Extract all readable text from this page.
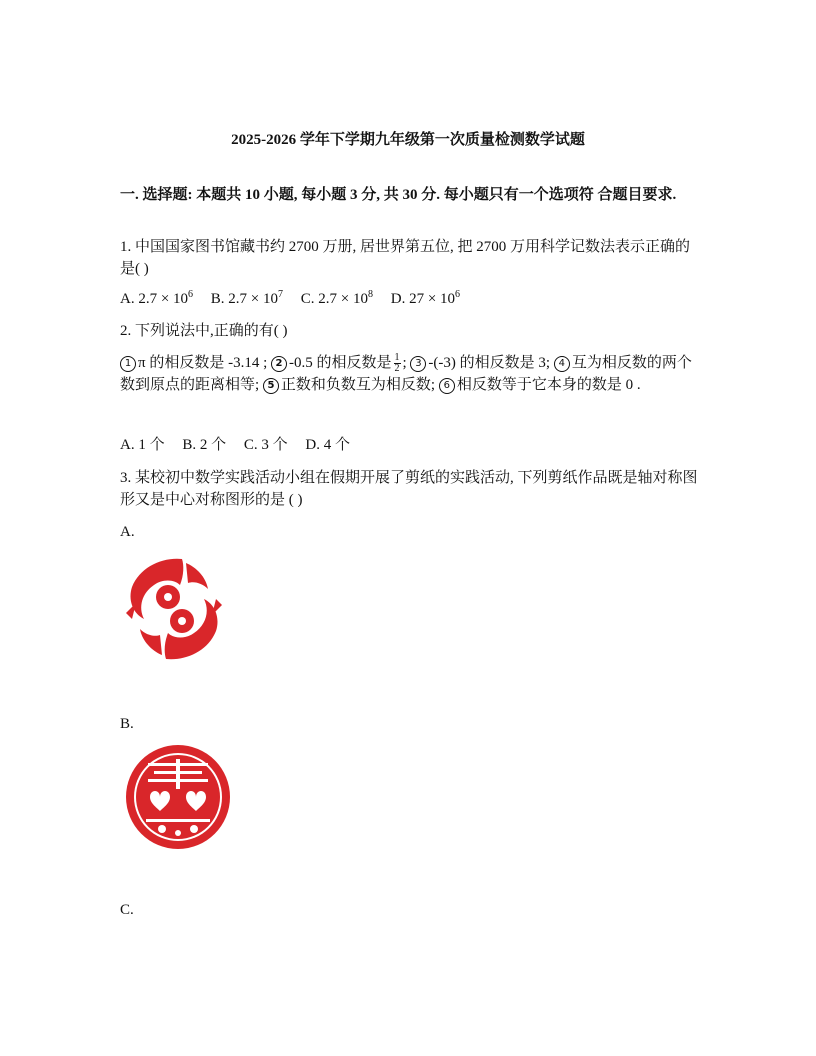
2025-2026 学年下学期九年级第一次质量检测数学试题
一. 选择题: 本题共 10 小题, 每小题 3 分, 共 30 分. 每小题只有一个选项符 合题目要求.
1. 中国国家图书馆藏书约 2700 万册, 居世界第五位, 把 2700 万用科学记数法表示正确的是( )
A. $2.7 \times 10^6$ B. $2.7 \times 10^7$ C. $2.7 \times 10^8$ D. $27 \times 10^6$
2. 下列说法中,正确的有( )
1 π 的相反数是 -3.14 ; 2 -0.5 的相反数是 $\frac{1}{2}$ ; 3 -(-3) 的相反数是 3; 4 互为相反数的两个数到原点的距离相等; 5 正数和负数互为相反数; 6 相反数等于它本身的数是 0 .
A. 1 个 B. 2 个 C. 3 个 D. 4 个
3. 某校初中数学实践活动小组在假期开展了剪纸的实践活动, 下列剪纸作品既是轴对称图形又是中心对称图形的是 ( )
A.
B.
C.
